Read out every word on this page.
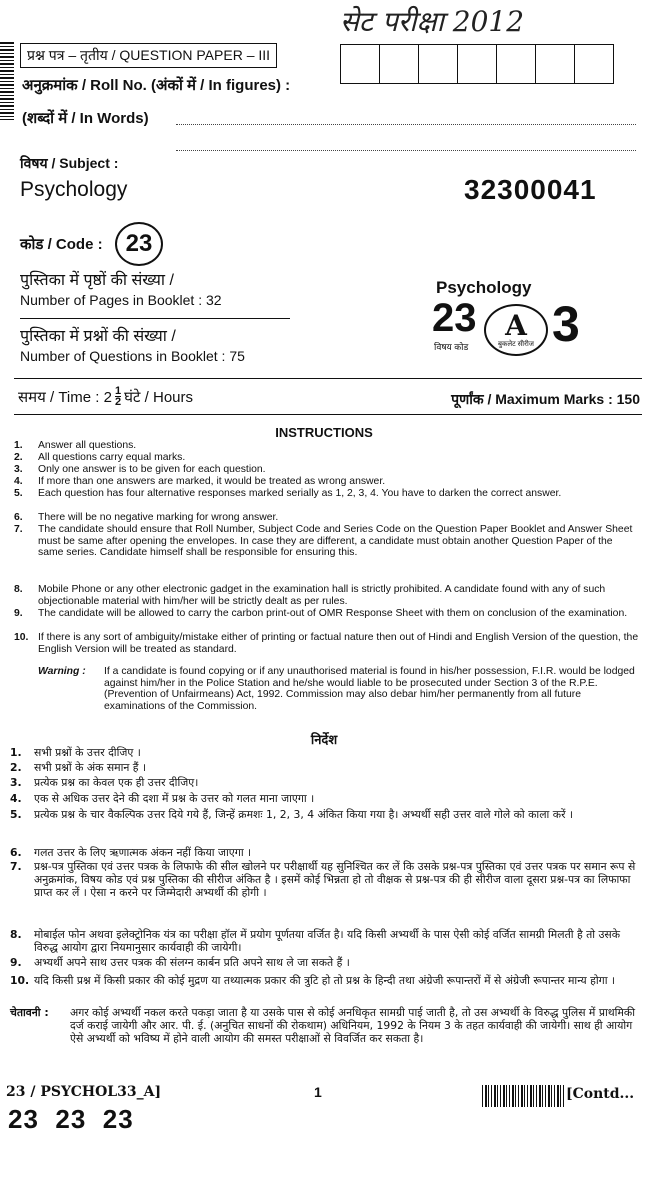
सेट परीक्षा 2012
प्रश्न पत्र – तृतीय / QUESTION PAPER – III
अनुक्रमांक / Roll No. (अंकों में / In figures) :
(शब्दों में / In Words)
विषय / Subject :
Psychology	32300041
कोड / Code : 23
पुस्तिका में पृष्ठों की संख्या /
Number of Pages in Booklet : 32
पुस्तिका में प्रश्नों की संख्या /
Number of Questions in Booklet : 75
Psychology
23
विषय कोड
A
बुकलेट सीरीज 3
समय / Time : $2 \frac{1}{2}$ घंटे / Hours	पूर्णांक / Maximum Marks : 150
INSTRUCTIONS
1. Answer all questions.
2. All questions carry equal marks.
3. Only one answer is to be given for each question.
4. If more than one answers are marked, it would be treated as wrong answer.
5. Each question has four alternative responses marked serially as 1, 2, 3, 4. You have to darken the correct answer.
6. There will be no negative marking for wrong answer.
7. The candidate should ensure that Roll Number, Subject Code and Series Code on the Question Paper Booklet and Answer Sheet must be same after opening the envelopes. In case they are different, a candidate must obtain another Question Paper of the same series. Candidate himself shall be responsible for ensuring this.
8. Mobile Phone or any other electronic gadget in the examination hall is strictly prohibited. A candidate found with any of such objectionable material with him/her will be strictly dealt as per rules.
9. The candidate will be allowed to carry the carbon print-out of OMR Response Sheet with them on conclusion of the examination.
10. If there is any sort of ambiguity/mistake either of printing or factual nature then out of Hindi and English Version of the question, the English Version will be treated as standard.
Warning : If a candidate is found copying or if any unauthorised material is found in his/her possession, F.I.R. would be lodged against him/her in the Police Station and he/she would liable to be prosecuted under Section 3 of the R.P.E. (Prevention of Unfairmeans) Act, 1992. Commission may also debar him/her permanently from all future examinations of the Commission.
निर्देश
1. सभी प्रश्नों के उत्तर दीजिए ।
2. सभी प्रश्नों के अंक समान हैं ।
3. प्रत्येक प्रश्न का केवल एक ही उत्तर दीजिए।
4. एक से अधिक उत्तर देने की दशा में प्रश्न के उत्तर को गलत माना जाएगा ।
5. प्रत्येक प्रश्न के चार वैकल्पिक उत्तर दिये गये हैं, जिन्हें क्रमशः 1, 2, 3, 4 अंकित किया गया है। अभ्यर्थी सही उत्तर वाले गोले को काला करें ।
6. गलत उत्तर के लिए ऋणात्मक अंकन नहीं किया जाएगा ।
7. प्रश्न-पत्र पुस्तिका एवं उत्तर पत्रक के लिफाफे की सील खोलने पर परीक्षार्थी यह सुनिश्चित कर लें कि उसके प्रश्न-पत्र पुस्तिका एवं उत्तर पत्रक पर समान रूप से अनुक्रमांक, विषय कोड एवं प्रश्न पुस्तिका की सीरीज अंकित है । इसमें कोई भिन्नता हो तो वीक्षक से प्रश्न-पत्र की ही सीरीज वाला दूसरा प्रश्न-पत्र का लिफाफा प्राप्त कर लें । ऐसा न करने पर जिम्मेदारी अभ्यर्थी की होगी ।
8. मोबाईल फोन अथवा इलेक्ट्रोनिक यंत्र का परीक्षा हॉल में प्रयोग पूर्णतया वर्जित है। यदि किसी अभ्यर्थी के पास ऐसी कोई वर्जित सामग्री मिलती है तो उसके विरुद्ध आयोग द्वारा नियमानुसार कार्यवाही की जायेगी।
9. अभ्यर्थी अपने साथ उत्तर पत्रक की संलग्न कार्बन प्रति अपने साथ ले जा सकते हैं ।
10. यदि किसी प्रश्न में किसी प्रकार की कोई मुद्रण या तथ्यात्मक प्रकार की त्रुटि हो तो प्रश्न के हिन्दी तथा अंग्रेजी रूपान्तरों में से अंग्रेजी रूपान्तर मान्य होगा ।
चेतावनी : अगर कोई अभ्यर्थी नकल करते पकड़ा जाता है या उसके पास से कोई अनधिकृत सामग्री पाई जाती है, तो उस अभ्यर्थी के विरुद्ध पुलिस में प्राथमिकी दर्ज कराई जायेगी और आर. पी. ई. (अनुचित साधनों की रोकथाम) अधिनियम, 1992 के नियम 3 के तहत कार्यवाही की जायेगी। साथ ही आयोग ऐसे अभ्यर्थी को भविष्य में होने वाली आयोग की समस्त परीक्षाओं से विवर्जित कर सकता है।
23 / PSYCHOL33_A]	1	[Contd...
23  23  23
